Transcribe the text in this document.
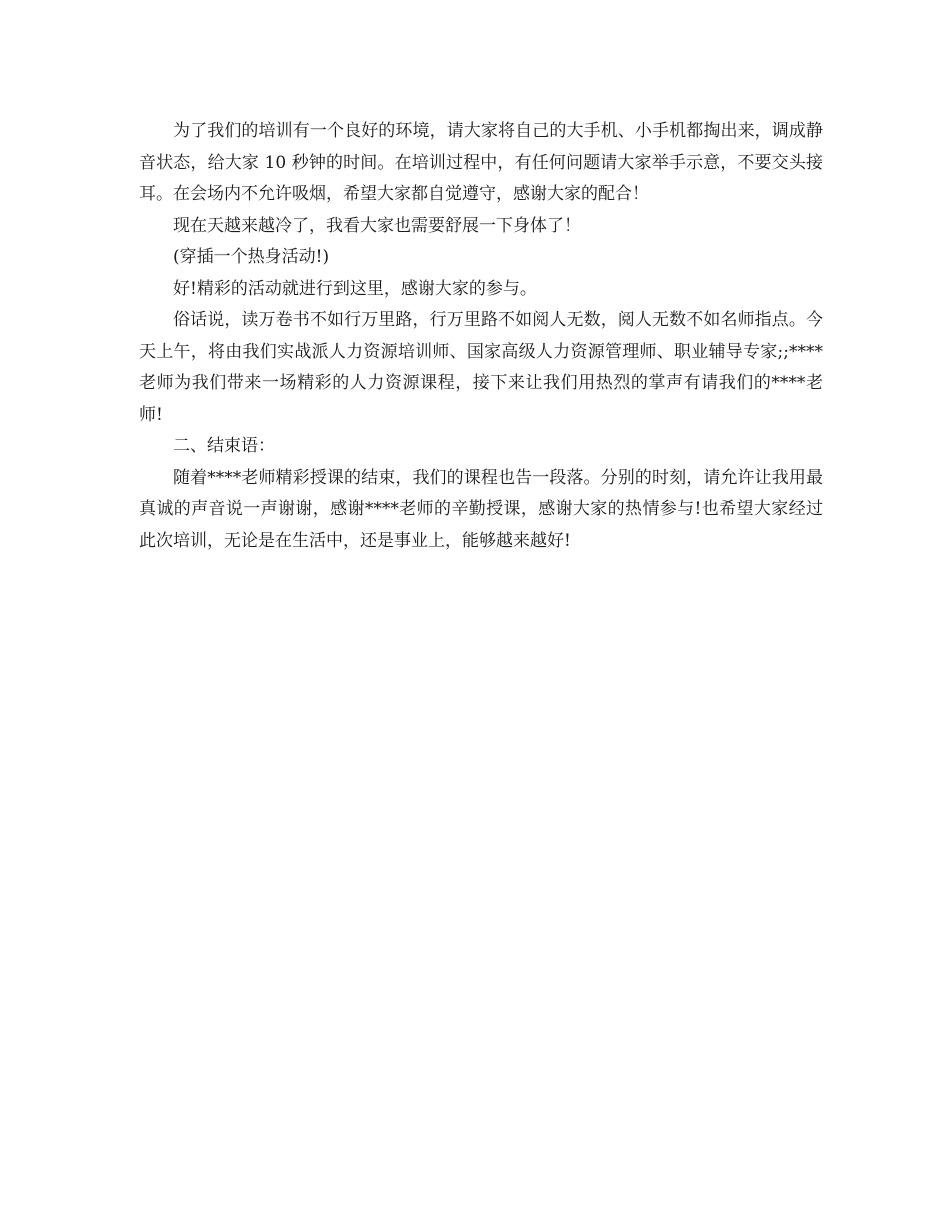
为了我们的培训有一个良好的环境，请大家将自己的大手机、小手机都掏出来，调成静音状态，给大家 10 秒钟的时间。在培训过程中，有任何问题请大家举手示意，不要交头接耳。在会场内不允许吸烟，希望大家都自觉遵守，感谢大家的配合！

现在天越来越冷了，我看大家也需要舒展一下身体了！

(穿插一个热身活动!)

好!精彩的活动就进行到这里，感谢大家的参与。

俗话说，读万卷书不如行万里路，行万里路不如阅人无数，阅人无数不如名师指点。今天上午，将由我们实战派人力资源培训师、国家高级人力资源管理师、职业辅导专家;;****老师为我们带来一场精彩的人力资源课程，接下来让我们用热烈的掌声有请我们的****老师!

二、结束语：

随着****老师精彩授课的结束，我们的课程也告一段落。分别的时刻，请允许让我用最真诚的声音说一声谢谢，感谢****老师的辛勤授课，感谢大家的热情参与!也希望大家经过此次培训，无论是在生活中，还是事业上，能够越来越好!
